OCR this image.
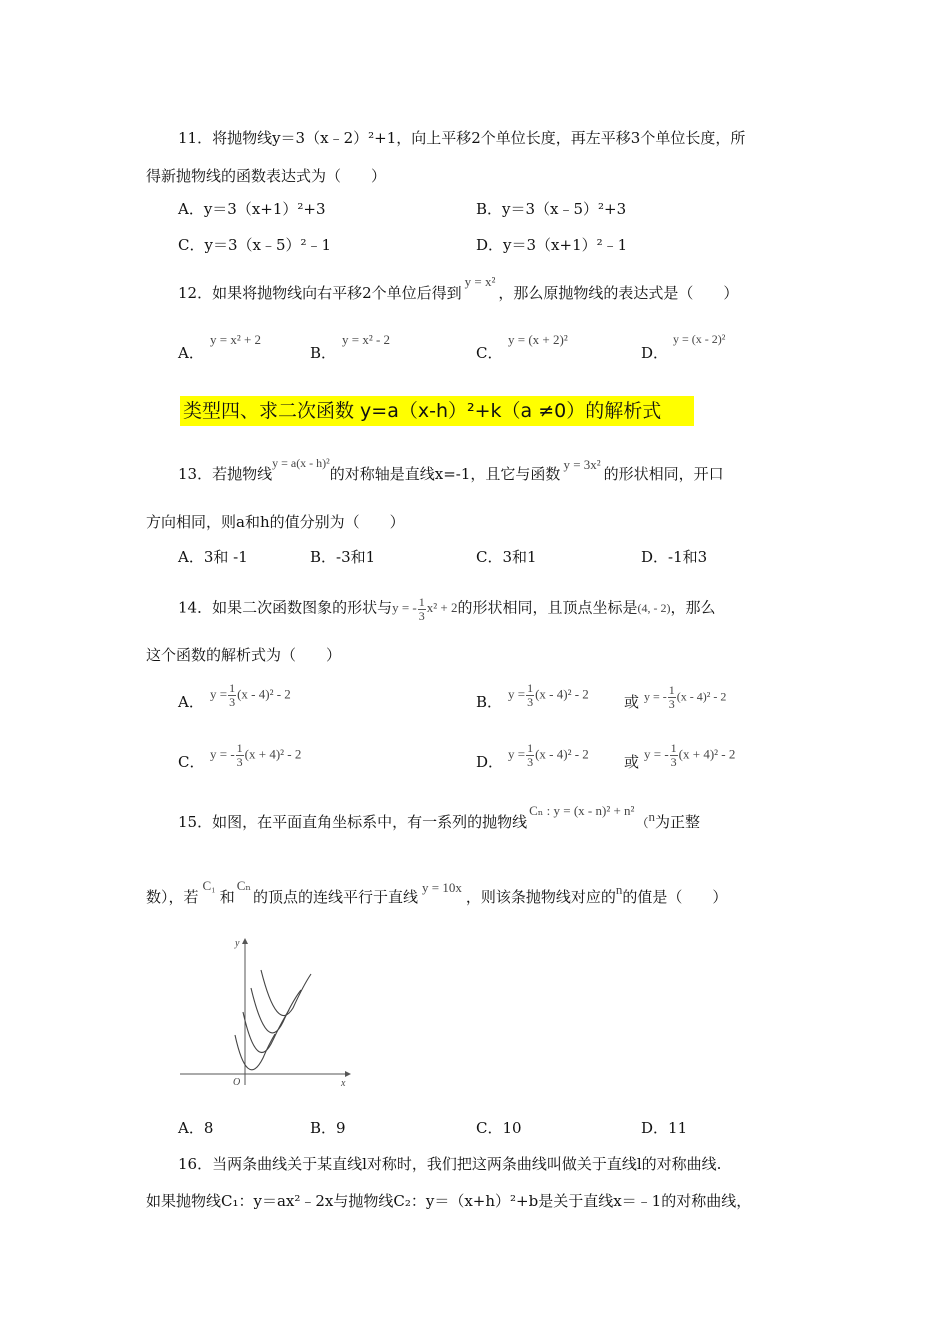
11．将抛物线y＝3（x﹣2）²+1，向上平移2个单位长度，再左平移3个单位长度，所
得新抛物线的函数表达式为（　　）
A．y＝3（x+1）²+3	B．y＝3（x﹣5）²+3
C．y＝3（x﹣5）²﹣1	D．y＝3（x+1）²﹣1
12．如果将抛物线向右平移2个单位后得到y = x²，那么原抛物线的表达式是（　　）
A．
y = x² + 2
B．
y = x² - 2
C．
y = (x + 2)²
D．
y = (x - 2)²
类型四、求二次函数 y=a（x-h）²+k（a ≠0）的解析式
13．若抛物线$^{y = a(x - h)^2}$的对称轴是直线x=-1，且它与函数y = 3x²的形状相同，开口
方向相同，则a和h的值分别为（　　）
A．3和 -1	B．-3和1	C．3和1	D．-1和3
14．如果二次函数图象的形状与y = - $\frac{1}{3} x^2 + 2$的形状相同，且顶点坐标是(4, - 2)，那么
这个函数的解析式为（　　）
A． $y = \frac{1}{3} (x - 4)^2 - 2$	B． $y = \frac{1}{3} (x - 4)^2 - 2$ 或 y = - $\frac{1}{3} (x - 4)^2 - 2$
C． y = - $\frac{1}{3} (x + 4)^2 - 2$	D． $y = \frac{1}{3} (x - 4)^2 - 2$ 或 y = - $\frac{1}{3} (x + 4)^2 - 2$
15．如图，在平面直角坐标系中，有一系列的抛物线Cₙ : y = (x - n)² + n²（n为正整
数），若C₁和Cₙ的顶点的连线平行于直线y = 10x，则该条抛物线对应的n的值是（　　）
y
x
O
A．8	B．9	C．10	D．11
16．当两条曲线关于某直线l对称时，我们把这两条曲线叫做关于直线l的对称曲线.
如果抛物线C₁：y＝ax²﹣2x与抛物线C₂：y＝（x+h）²+b是关于直线x＝﹣1的对称曲线，
